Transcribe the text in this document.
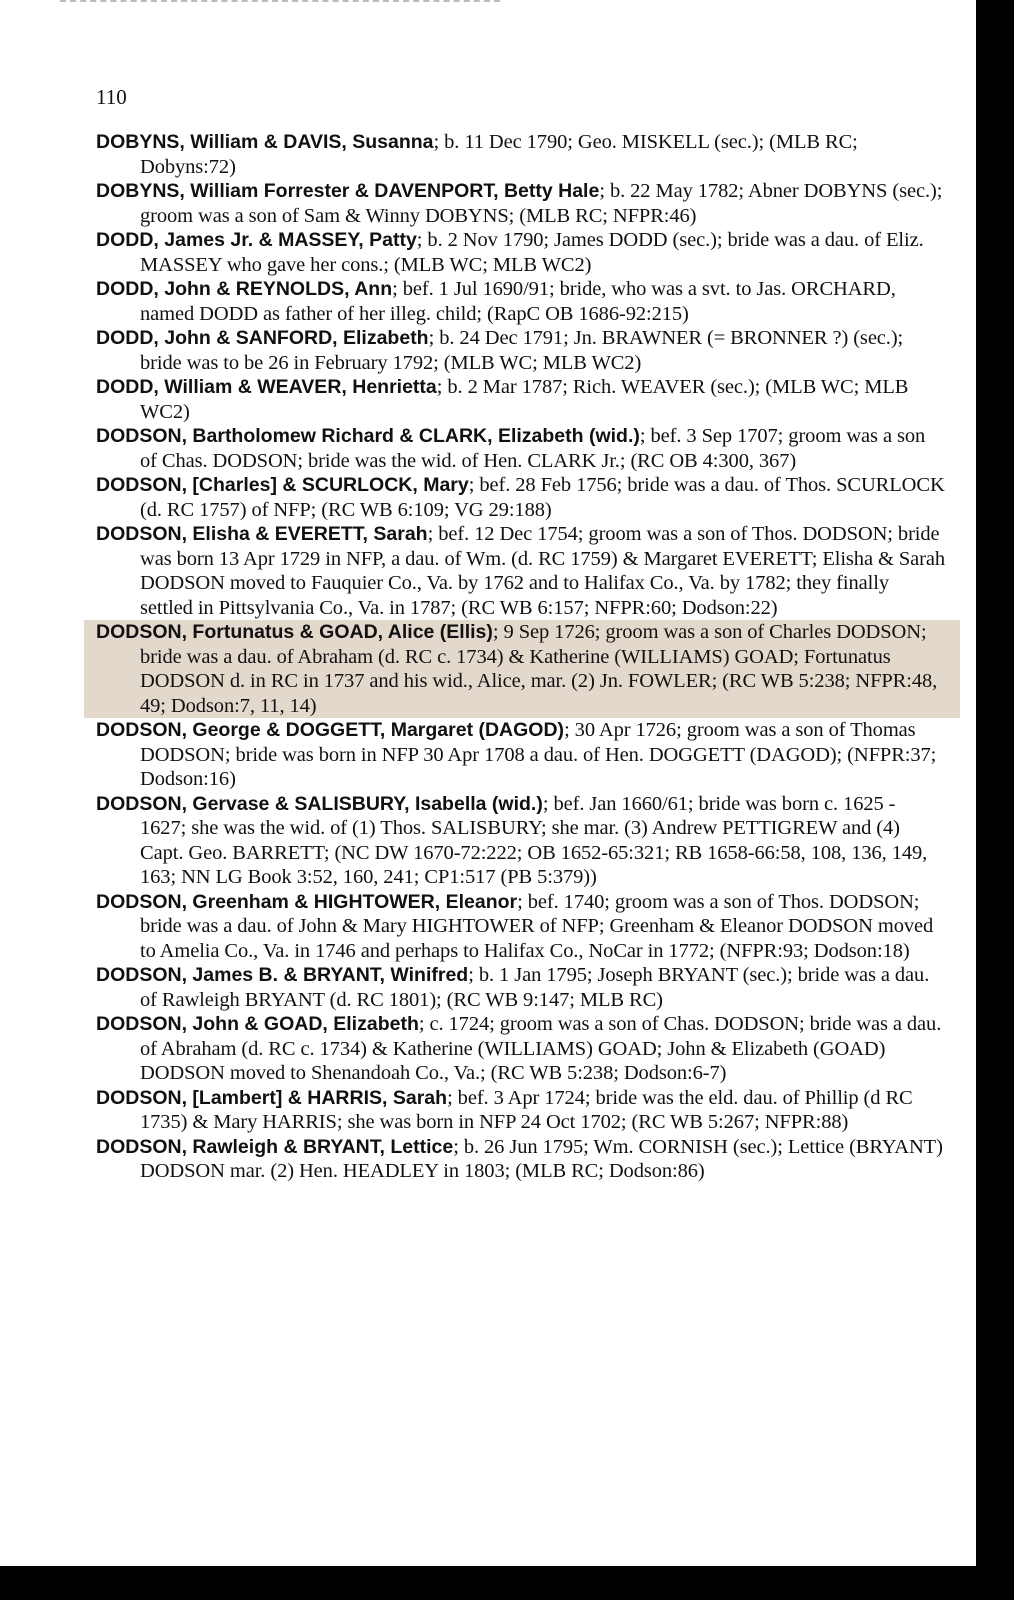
110

DOBYNS, William & DAVIS, Susanna; b. 11 Dec 1790; Geo. MISKELL (sec.); (MLB RC; Dobyns:72)

DOBYNS, William Forrester & DAVENPORT, Betty Hale; b. 22 May 1782; Abner DOBYNS (sec.); groom was a son of Sam & Winny DOBYNS; (MLB RC; NFPR:46)

DODD, James Jr. & MASSEY, Patty; b. 2 Nov 1790; James DODD (sec.); bride was a dau. of Eliz. MASSEY who gave her cons.; (MLB WC; MLB WC2)

DODD, John & REYNOLDS, Ann; bef. 1 Jul 1690/91; bride, who was a svt. to Jas. ORCHARD, named DODD as father of her illeg. child; (RapC OB 1686-92:215)

DODD, John & SANFORD, Elizabeth; b. 24 Dec 1791; Jn. BRAWNER (= BRONNER ?) (sec.); bride was to be 26 in February 1792; (MLB WC; MLB WC2)

DODD, William & WEAVER, Henrietta; b. 2 Mar 1787; Rich. WEAVER (sec.); (MLB WC; MLB WC2)

DODSON, Bartholomew Richard & CLARK, Elizabeth (wid.); bef. 3 Sep 1707; groom was a son of Chas. DODSON; bride was the wid. of Hen. CLARK Jr.; (RC OB 4:300, 367)

DODSON, [Charles] & SCURLOCK, Mary; bef. 28 Feb 1756; bride was a dau. of Thos. SCURLOCK (d. RC 1757) of NFP; (RC WB 6:109; VG 29:188)

DODSON, Elisha & EVERETT, Sarah; bef. 12 Dec 1754; groom was a son of Thos. DODSON; bride was born 13 Apr 1729 in NFP, a dau. of Wm. (d. RC 1759) & Margaret EVERETT; Elisha & Sarah DODSON moved to Fauquier Co., Va. by 1762 and to Halifax Co., Va. by 1782; they finally settled in Pittsylvania Co., Va. in 1787; (RC WB 6:157; NFPR:60; Dodson:22)

DODSON, Fortunatus & GOAD, Alice (Ellis); 9 Sep 1726; groom was a son of Charles DODSON; bride was a dau. of Abraham (d. RC c. 1734) & Katherine (WILLIAMS) GOAD; Fortunatus DODSON d. in RC in 1737 and his wid., Alice, mar. (2) Jn. FOWLER; (RC WB 5:238; NFPR:48, 49; Dodson:7, 11, 14)

DODSON, George & DOGGETT, Margaret (DAGOD); 30 Apr 1726; groom was a son of Thomas DODSON; bride was born in NFP 30 Apr 1708 a dau. of Hen. DOGGETT (DAGOD); (NFPR:37; Dodson:16)

DODSON, Gervase & SALISBURY, Isabella (wid.); bef. Jan 1660/61; bride was born c. 1625 - 1627; she was the wid. of (1) Thos. SALISBURY; she mar. (3) Andrew PETTIGREW and (4) Capt. Geo. BARRETT; (NC DW 1670-72:222; OB 1652-65:321; RB 1658-66:58, 108, 136, 149, 163; NN LG Book 3:52, 160, 241; CP1:517 (PB 5:379))

DODSON, Greenham & HIGHTOWER, Eleanor; bef. 1740; groom was a son of Thos. DODSON; bride was a dau. of John & Mary HIGHTOWER of NFP; Greenham & Eleanor DODSON moved to Amelia Co., Va. in 1746 and perhaps to Halifax Co., NoCar in 1772; (NFPR:93; Dodson:18)

DODSON, James B. & BRYANT, Winifred; b. 1 Jan 1795; Joseph BRYANT (sec.); bride was a dau. of Rawleigh BRYANT (d. RC 1801); (RC WB 9:147; MLB RC)

DODSON, John & GOAD, Elizabeth; c. 1724; groom was a son of Chas. DODSON; bride was a dau. of Abraham (d. RC c. 1734) & Katherine (WILLIAMS) GOAD; John & Elizabeth (GOAD) DODSON moved to Shenandoah Co., Va.; (RC WB 5:238; Dodson:6-7)

DODSON, [Lambert] & HARRIS, Sarah; bef. 3 Apr 1724; bride was the eld. dau. of Phillip (d RC 1735) & Mary HARRIS; she was born in NFP 24 Oct 1702; (RC WB 5:267; NFPR:88)

DODSON, Rawleigh & BRYANT, Lettice; b. 26 Jun 1795; Wm. CORNISH (sec.); Lettice (BRYANT) DODSON mar. (2) Hen. HEADLEY in 1803; (MLB RC; Dodson:86)
